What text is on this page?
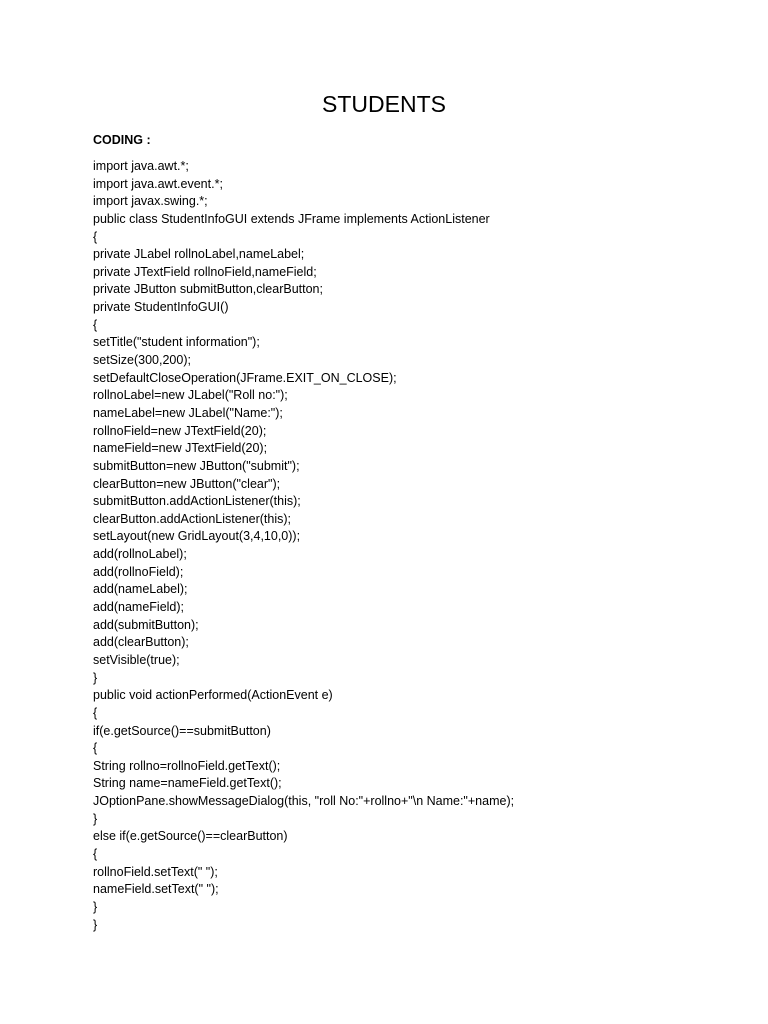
STUDENTS

CODING :

import java.awt.*;
import java.awt.event.*;
import javax.swing.*;
public class StudentInfoGUI extends JFrame implements ActionListener
{
private JLabel rollnoLabel,nameLabel;
private JTextField rollnoField,nameField;
private JButton submitButton,clearButton;
private StudentInfoGUI()
{
setTitle("student information");
setSize(300,200);
setDefaultCloseOperation(JFrame.EXIT_ON_CLOSE);
rollnoLabel=new JLabel("Roll no:");
nameLabel=new JLabel("Name:");
rollnoField=new JTextField(20);
nameField=new JTextField(20);
submitButton=new JButton("submit");
clearButton=new JButton("clear");
submitButton.addActionListener(this);
clearButton.addActionListener(this);
setLayout(new GridLayout(3,4,10,0));
add(rollnoLabel);
add(rollnoField);
add(nameLabel);
add(nameField);
add(submitButton);
add(clearButton);
setVisible(true);
}
public void actionPerformed(ActionEvent e)
{
if(e.getSource()==submitButton)
{
String rollno=rollnoField.getText();
String name=nameField.getText();
JOptionPane.showMessageDialog(this, "roll No:"+rollno+"\n Name:"+name);
}
else if(e.getSource()==clearButton)
{
rollnoField.setText(" ");
nameField.setText(" ");
}
}
